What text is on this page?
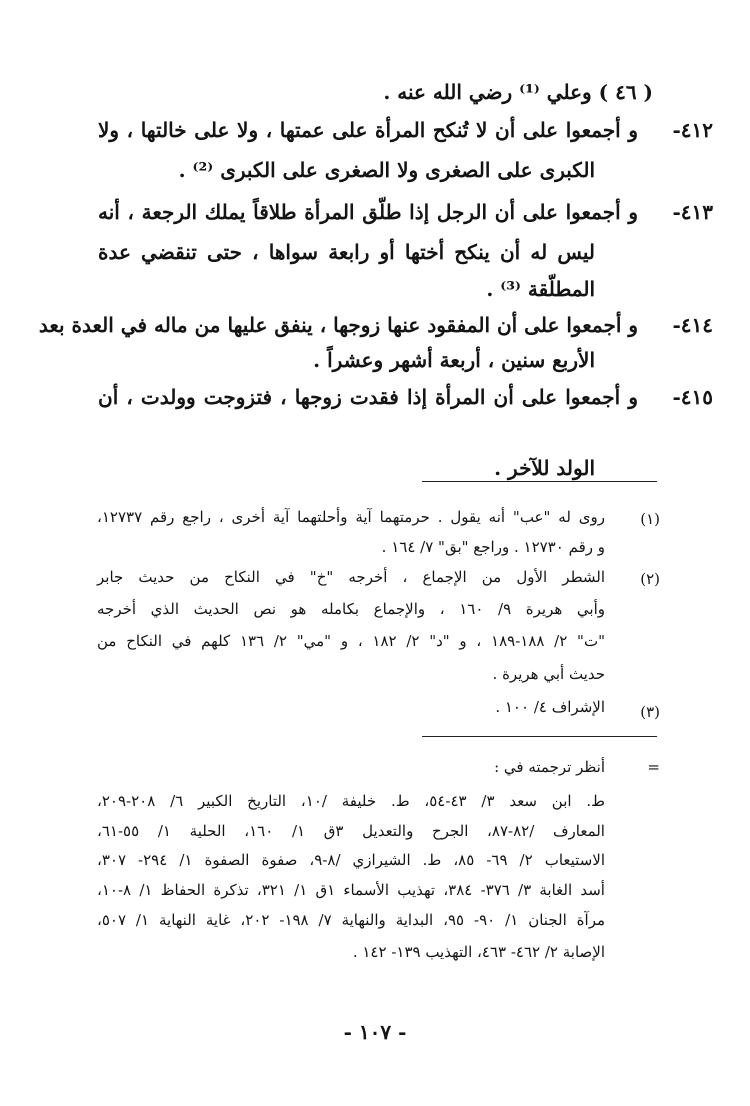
( ٤٦ ) وعلي ⁽¹⁾ رضي الله عنه .
٤١٢-
و أجمعوا على أن لا تُنكح المرأة على عمتها ، ولا على خالتها ، ولا
الكبرى على الصغرى ولا الصغرى على الكبرى ⁽²⁾ .
٤١٣-
و أجمعوا على أن الرجل إذا طلّق المرأة طلاقاً يملك الرجعة ، أنه
ليس له أن ينكح أختها أو رابعة سواها ، حتى تنقضي عدة
المطلّقة ⁽³⁾ .
٤١٤-
و أجمعوا على أن المفقود عنها زوجها ، ينفق عليها من ماله في العدة بعد
الأربع سنين ، أربعة أشهر وعشراً .
٤١٥-
و أجمعوا على أن المرأة إذا فقدت زوجها ، فتزوجت وولدت ، أن
الولد للآخر .
(١)
روى له "عب" أنه يقول . حرمتهما آية وأحلتهما آية أخرى ، راجع رقم ١٢٧٣٧،
و رقم ١٢٧٣٠ . وراجع "بق" ٧/ ١٦٤ .
(٢)
الشطر الأول من الإجماع ، أخرجه "خ" في النكاح من حديث جابر
وأبي هريرة ٩/ ١٦٠ ، والإجماع بكامله هو نص الحديث الذي أخرجه
"ت" ٢/ ١٨٨-١٨٩ ، و "د" ٢/ ١٨٢ ، و "مي" ٢/ ١٣٦ كلهم في النكاح من
حديث أبي هريرة .
(٣)
الإشراف ٤/ ١٠٠ .
=
أنظر ترجمته في :
ط. ابن سعد ٣/ ٤٣-٥٤، ط. خليفة /١٠، التاريخ الكبير ٦/ ٢٠٨-٢٠٩،
المعارف /٨٢-٨٧، الجرح والتعديل ٣ق ١/ ١٦٠، الحلية ١/ ٥٥-٦١،
الاستيعاب ٢/ ٦٩- ٨٥، ط. الشيرازي /٨-٩، صفوة الصفوة ١/ ٢٩٤- ٣٠٧،
أسد الغابة ٣/ ٣٧٦- ٣٨٤، تهذيب الأسماء ١ق ١/ ٣٢١، تذكرة الحفاظ ١/ ٨-١٠،
مرآة الجنان ١/ ٩٠- ٩٥، البداية والنهاية ٧/ ١٩٨- ٢٠٢، غاية النهاية ١/ ٥٠٧،
الإصابة ٢/ ٤٦٢- ٤٦٣، التهذيب ١٣٩- ١٤٢ .
- ١٠٧ -
